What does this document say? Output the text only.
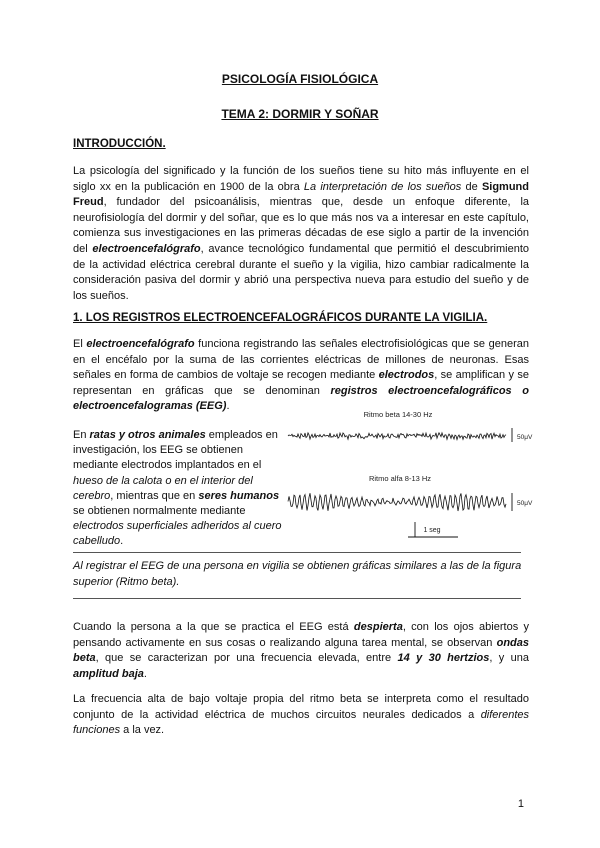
PSICOLOGÍA FISIOLÓGICA
TEMA 2: DORMIR Y SOÑAR
INTRODUCCIÓN.

La psicología del significado y la función de los sueños tiene su hito más influyente en el siglo xx en la publicación en 1900 de la obra La interpretación de los sueños de Sigmund Freud, fundador del psicoanálisis, mientras que, desde un enfoque diferente, la neurofisiología del dormir y del soñar, que es lo que más nos va a interesar en este capítulo, comienza sus investigaciones en las primeras décadas de ese siglo a partir de la invención del electroencefalógrafo, avance tecnológico fundamental que permitió el descubrimiento de la actividad eléctrica cerebral durante el sueño y la vigilia, hizo cambiar radicalmente la consideración pasiva del dormir y abrió una perspectiva nueva para estudio del sueño y de los sueños.

1. LOS REGISTROS ELECTROENCEFALOGRÁFICOS DURANTE LA VIGILIA.

El electroencefalógrafo funciona registrando las señales electrofisiológicas que se generan en el encéfalo por la suma de las corrientes eléctricas de millones de neuronas. Esas señales en forma de cambios de voltaje se recogen mediante electrodos, se amplifican y se representan en gráficas que se denominan registros electroencefalográficos o electroencefalogramas (EEG).

En ratas y otros animales empleados en investigación, los EEG se obtienen mediante electrodos implantados en el hueso de la calota o en el interior del cerebro, mientras que en seres humanos se obtienen normalmente mediante electrodos superficiales adheridos al cuero cabelludo.

Ritmo beta 14-30 Hz
50μV
Ritmo alfa 8-13 Hz
50μV
1 seg

Al registrar el EEG de una persona en vigilia se obtienen gráficas similares a las de la figura superior (Ritmo beta).

Cuando la persona a la que se practica el EEG está despierta, con los ojos abiertos y pensando activamente en sus cosas o realizando alguna tarea mental, se observan ondas beta, que se caracterizan por una frecuencia elevada, entre 14 y 30 hertzios, y una amplitud baja.

La frecuencia alta de bajo voltaje propia del ritmo beta se interpreta como el resultado conjunto de la actividad eléctrica de muchos circuitos neurales dedicados a diferentes funciones a la vez.

1
